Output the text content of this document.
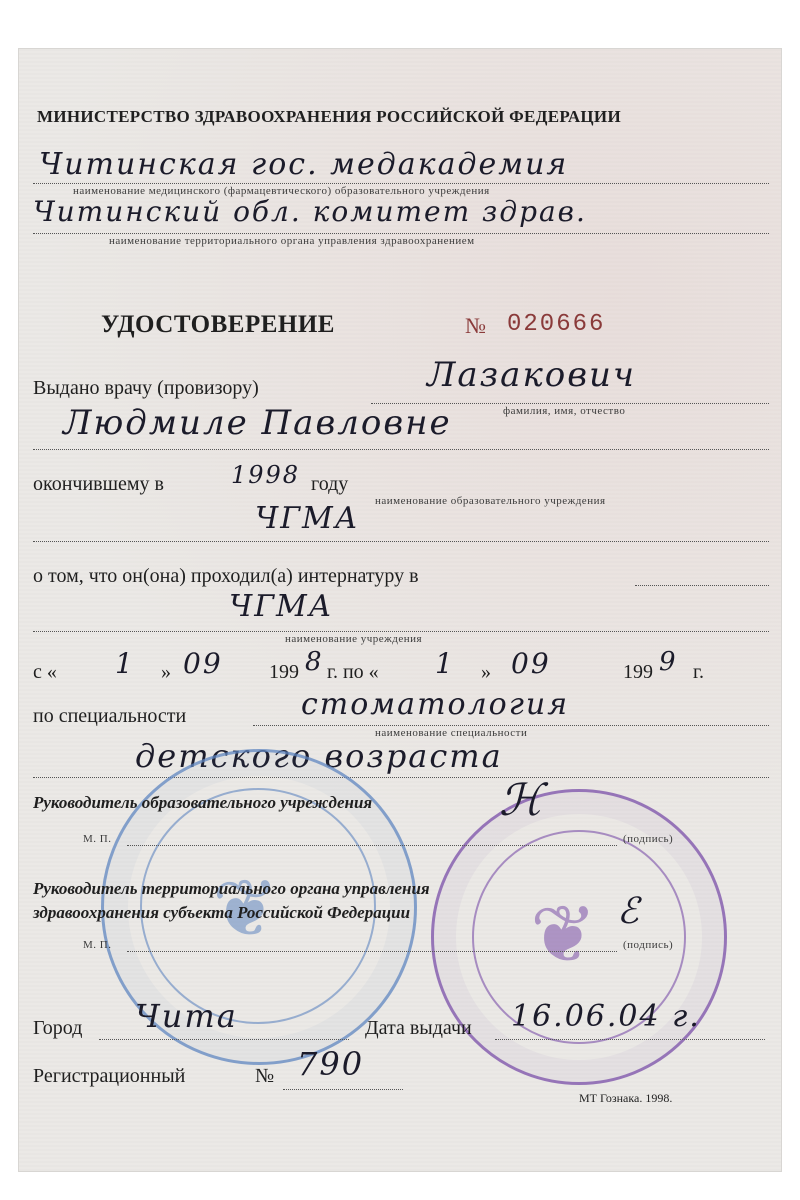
МИНИСТЕРСТВО ЗДРАВООХРАНЕНИЯ РОССИЙСКОЙ ФЕДЕРАЦИИ
Читинская гос. медакадемия
наименование медицинского (фармацевтического) образовательного учреждения
Читинский обл. комитет здрав.
наименование территориального органа управления здравоохранением
УДОСТОВЕРЕНИЕ	№ 020666
Выдано врачу (провизору)	Лазакович
фамилия, имя, отчество
Людмиле Павловне
окончившему в	1998 году
наименование образовательного учреждения
ЧГМА
о том, что он(она) проходил(а) интернатуру в
ЧГМА
наименование учреждения
с « 1 » 09 199 8 г. по « 1 » 09	199 9 г.
по специальности	стоматология
наименование специальности
детского возраста
❦	❦
Руководитель образовательного учреждения	ℋ
М. П.	(подпись)
Руководитель территориального органа управления
здравоохранения субъекта Российской Федерации	ℰ
М. П.	(подпись)
Город Чита	Дата выдачи 16.06.04 г.
Регистрационный	№ 790
МТ Гознака. 1998.
